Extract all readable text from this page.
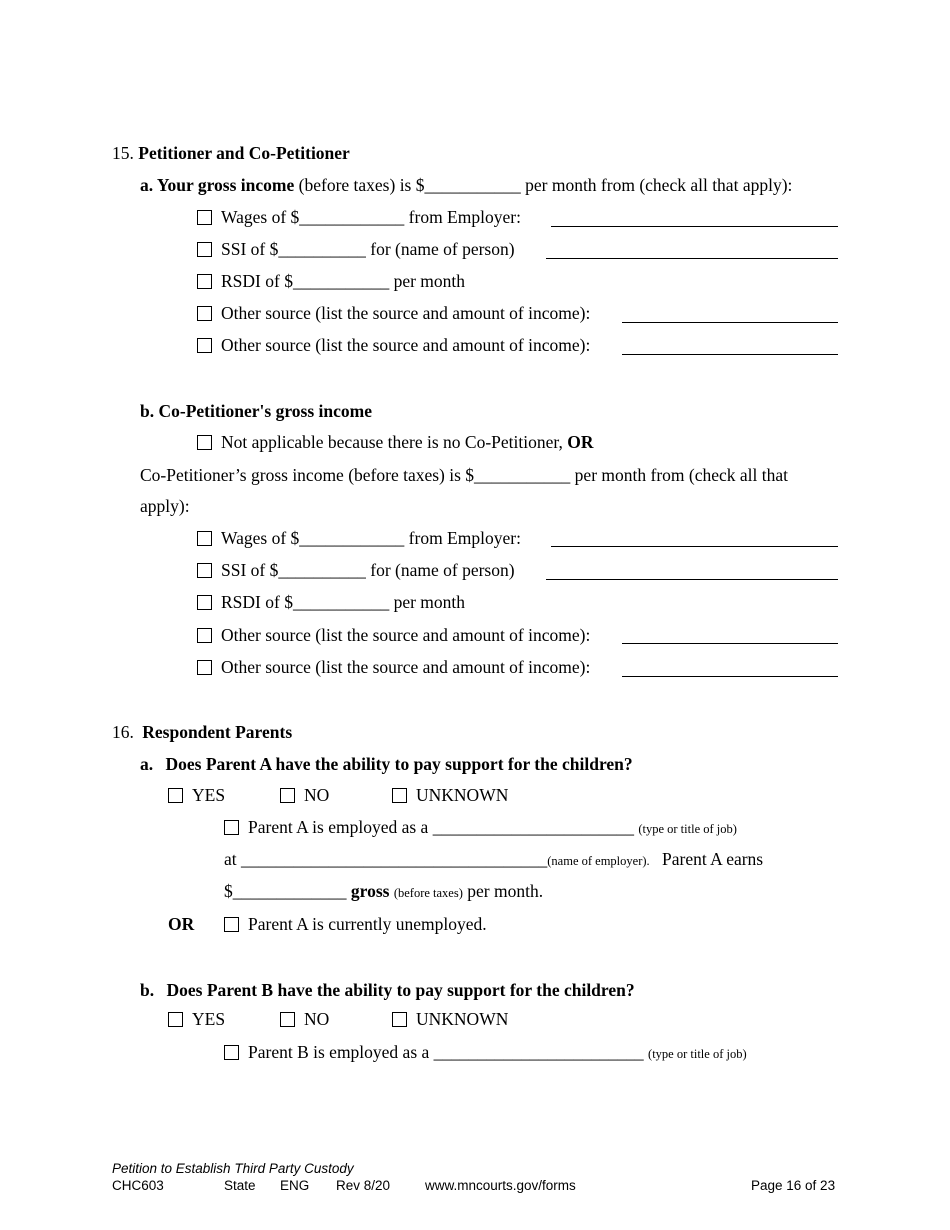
15. Petitioner and Co-Petitioner
a. Your gross income (before taxes) is $___________ per month from (check all that apply):
Wages of $____________ from Employer:
SSI of $__________ for (name of person)
RSDI of $___________ per month
Other source (list the source and amount of income):
Other source (list the source and amount of income):
b. Co-Petitioner's gross income
Not applicable because there is no Co-Petitioner, OR
Co-Petitioner’s gross income (before taxes) is $___________ per month from (check all that
apply):
Wages of $____________ from Employer:
SSI of $__________ for (name of person)
RSDI of $___________ per month
Other source (list the source and amount of income):
Other source (list the source and amount of income):
16. Respondent Parents
a. Does Parent A have the ability to pay support for the children?
YES	NO	UNKNOWN
Parent A is employed as a _______________________ (type or title of job)
at ___________________________________(name of employer). Parent A earns
$_____________ gross (before taxes) per month.
OR	Parent A is currently unemployed.
b. Does Parent B have the ability to pay support for the children?
YES	NO	UNKNOWN
Parent B is employed as a ________________________ (type or title of job)
Petition to Establish Third Party Custody
CHC603	State ENG Rev 8/20	www.mncourts.gov/forms	Page 16 of 23
